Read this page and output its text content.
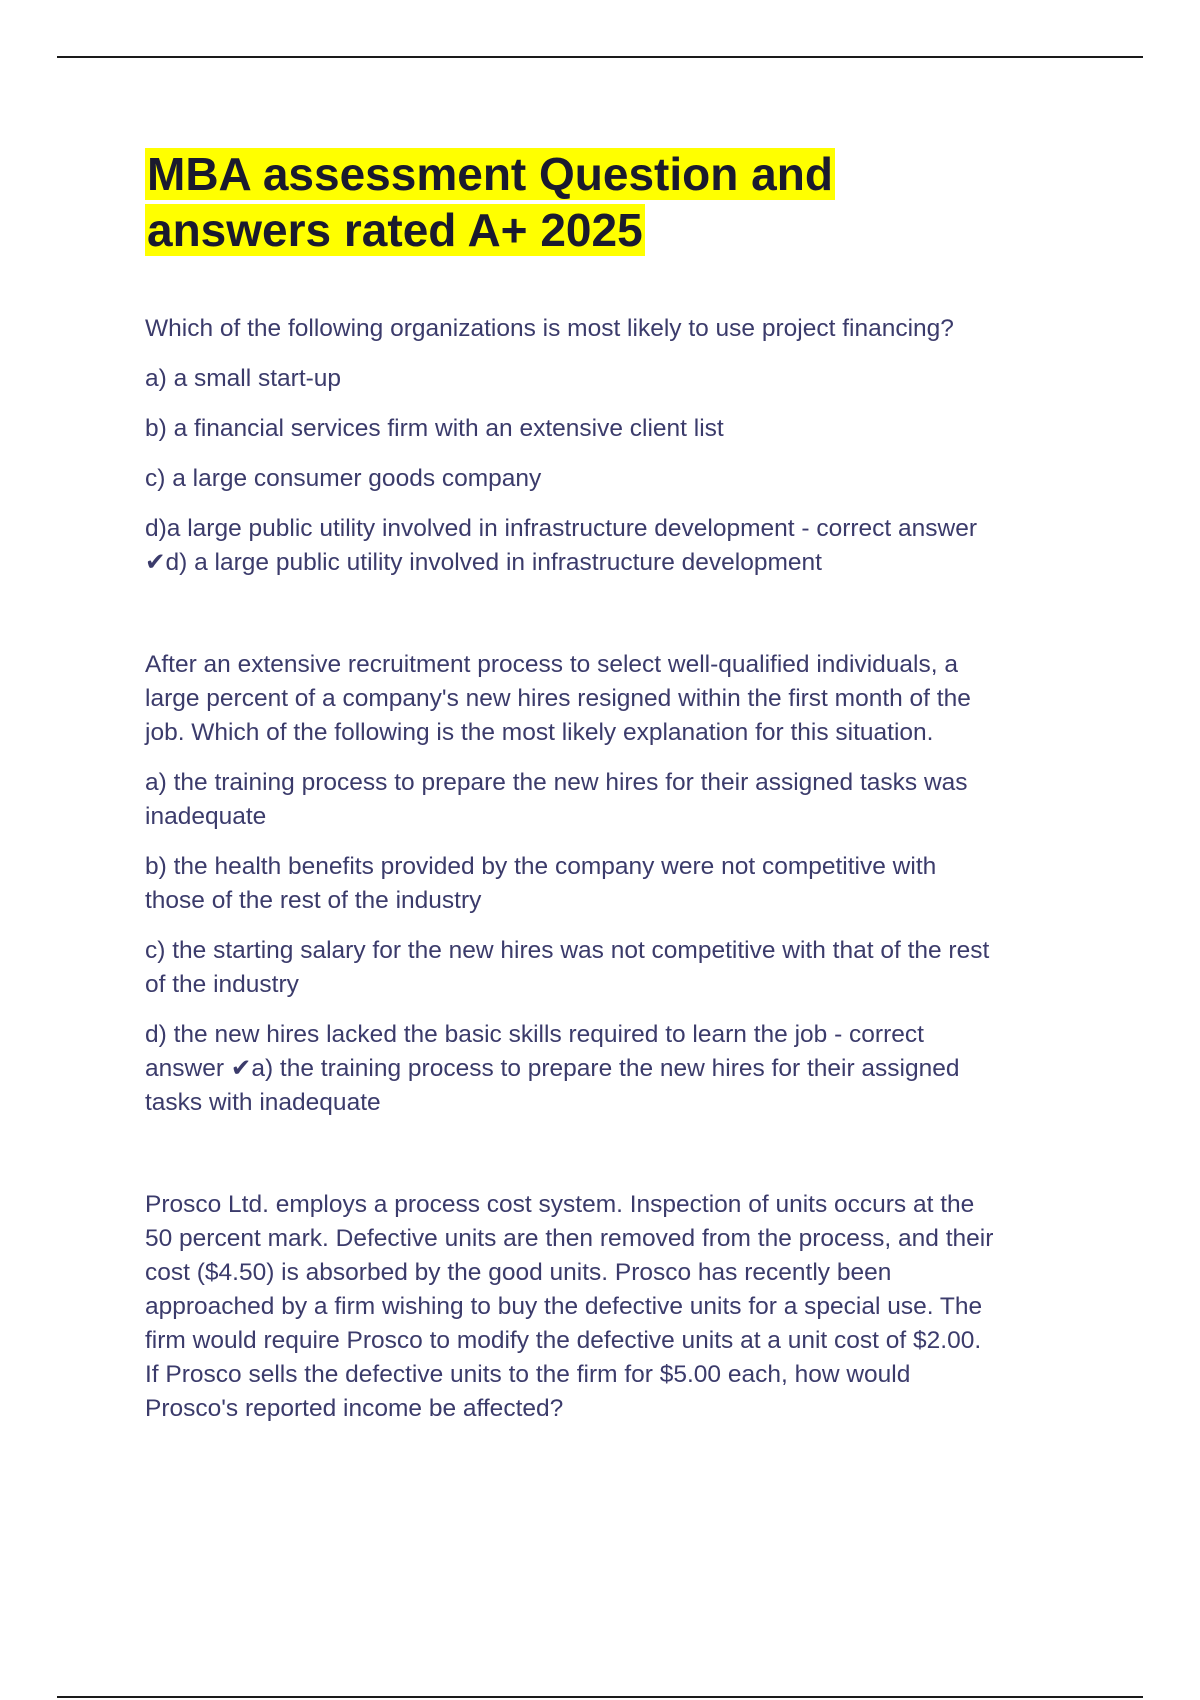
MBA assessment Question and
answers rated A+ 2025

Which of the following organizations is most likely to use project financing?

a) a small start-up

b) a financial services firm with an extensive client list

c) a large consumer goods company

d)a large public utility involved in infrastructure development - correct answer
✔d) a large public utility involved in infrastructure development

After an extensive recruitment process to select well-qualified individuals, a
large percent of a company's new hires resigned within the first month of the
job. Which of the following is the most likely explanation for this situation.

a) the training process to prepare the new hires for their assigned tasks was
inadequate

b) the health benefits provided by the company were not competitive with
those of the rest of the industry

c) the starting salary for the new hires was not competitive with that of the rest
of the industry

d) the new hires lacked the basic skills required to learn the job - correct
answer ✔a) the training process to prepare the new hires for their assigned
tasks with inadequate

Prosco Ltd. employs a process cost system. Inspection of units occurs at the
50 percent mark. Defective units are then removed from the process, and their
cost ($4.50) is absorbed by the good units. Prosco has recently been
approached by a firm wishing to buy the defective units for a special use. The
firm would require Prosco to modify the defective units at a unit cost of $2.00.
If Prosco sells the defective units to the firm for $5.00 each, how would
Prosco's reported income be affected?
